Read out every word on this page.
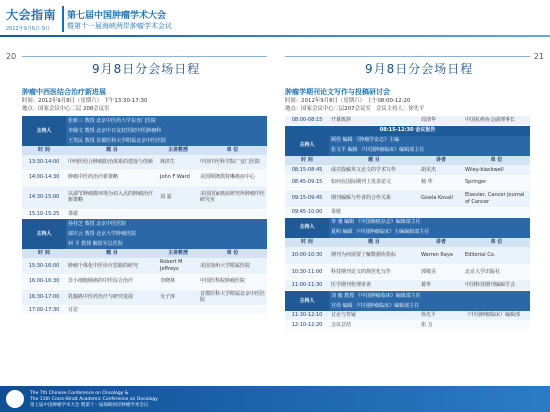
大会指南
2012年9月6日-9日
第七届中国肿瘤学术大会
暨第十一届海峡两岸肿瘤学术会议
20	21
9月8日分会场日程	9月8日分会场日程
肿瘤中西医结合治疗新进展
时间：2012年9月8日（星期六） 下午13:30-17:30
地点：国家会议中心二层 208会议室
主持人	张新三 教授 北京中医药大学东直门医院		
	李佩文 教授 北京中日友好医院中医肿瘤科		
	王笑民 教授 首都医科大学附属北京中医医院		
时 间	题 目	主讲教授	单 位
13:30-14:00	中西医结合肿瘤防治体系的建设与创新	林洪生	中国中医科学院广安门医院
14:00-14:30	肿瘤中医药治疗新策略	John F Ward	美国斯隆凯特琳癌症中心
14:30-15:00	以调节肿瘤微环境为切入点的肿瘤治疗新策略	刘 嘉	美国国家癌症研究所肿瘤中医研究室
15:10-15:25	茶歇		
主持人	孙桂芝 教授 北京中医医院		
	郎庆云 教授 北京大学肿瘤医院		
	何 平 教授 解放军总医院		
时 间	题 目	主讲教授	单 位
15:30-16:00	肿瘤个体化中医诊疗思路的研究	Robert M Jeffreys	美国加州大学附属医院
16:00-16:30	非小细胞肺癌的中医综合治疗	李晓林	中国医科院肿瘤医院
16:30-17:00	乳腺癌中医药治疗与研究进展	吴子淳	首都医科大学附属北京中医医院
17:00-17:30	讨论		
肿瘤学期刊论文写作与投稿研讨会
时间：2012年9月8日（星期六） 上午08:00-12:20
地点：国家会议中心二层207会议室 会议主持人：徐先平
08:00-08:15	开幕致辞	周清华	中国抗癌协会副理事长
08:15-12:30 会议报告			
主持人	顾佳 编辑 《肿瘤学杂志》主编		
	张文平 编辑 《中国肿瘤临床》编辑部主任		
时 间	题 目	讲者	单 位
08:15-08:45	成功投稿英文论文的学术写作	胡美杰	Wiley-blackwell
08:45-09:15	如何在国际期刊上发表论文	杨 华	Springer
09:15-09:45	期刊编辑与作者的合作关系	Gisela Kovall	Elsevier, Cancer Journal of Cancer
09:45-10:00	茶歇		
主持人	李 驰 编辑 《中国肺癌杂志》编辑部主任		
	夏明 编辑 《中国肿瘤临床》主编编辑部主任		
时 间	题 目	讲者	单 位
10:00-10:30	期刊为何需要了解数据库指标	Warren Raye	Editorial Co.
10:30-11:00	科技期刊论文的规范化写作	郭敬美	北京大学出版社
11:00-11:30	医学期刊伦理审查	葛华	中国科技期刊编辑学会
主持人	刘 毅 教授 《中国肿瘤临床》编辑部主任		
	宫伟 编辑 《中国肿瘤临床》编辑部主任		
11:30-12:10	讨论与答疑	徐先平	《中国肿瘤临床》编辑部
12:10-12:20	会议总结	张 力	
The 7th Chinese Conference on Oncology &
The 11th Cross-Strait Academic Conference on Oncology
第七届中国肿瘤学术大会 暨第十一届海峡两岸肿瘤学术会议
